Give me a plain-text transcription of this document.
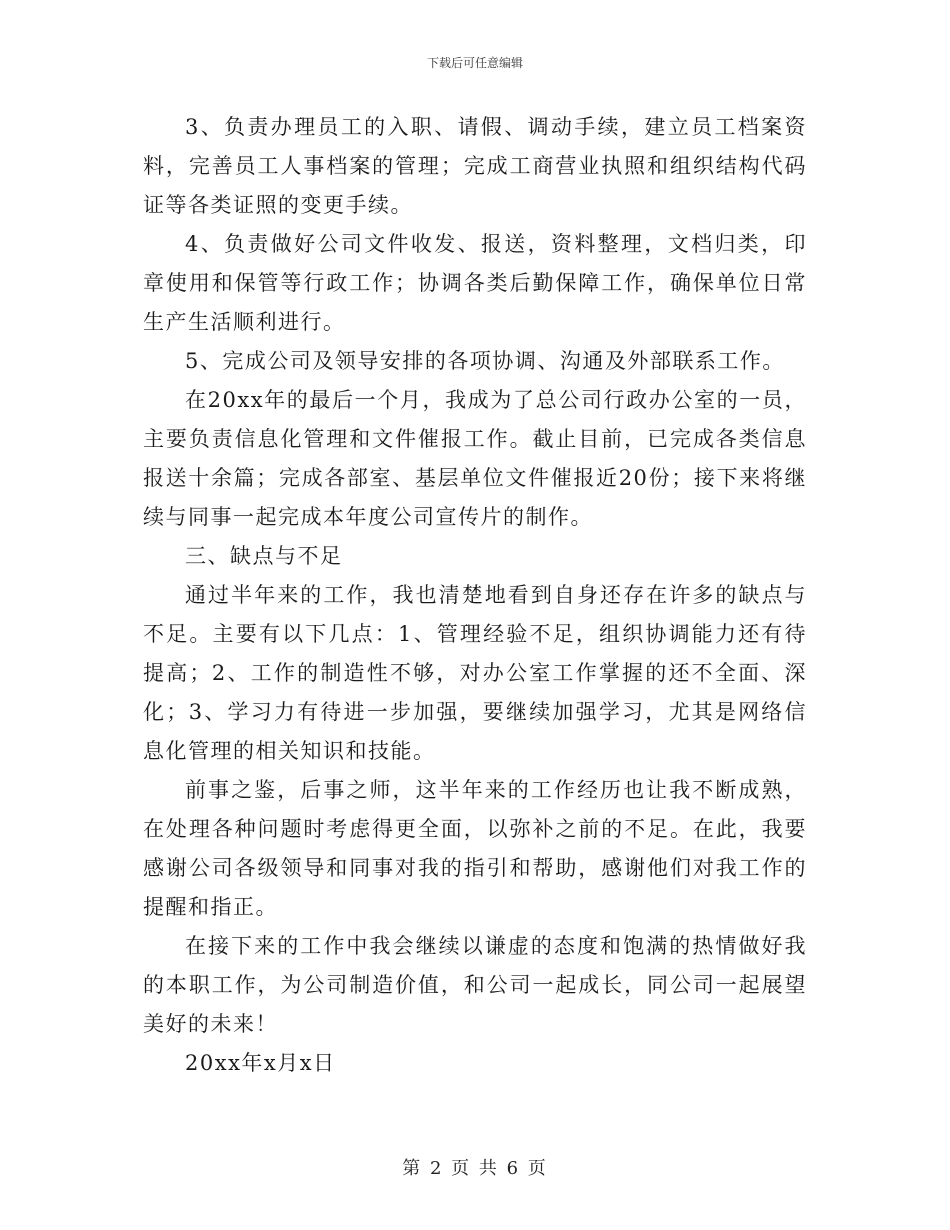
下载后可任意编辑

3、负责办理员工的入职、请假、调动手续，建立员工档案资料，完善员工人事档案的管理；完成工商营业执照和组织结构代码证等各类证照的变更手续。

4、负责做好公司文件收发、报送，资料整理，文档归类，印章使用和保管等行政工作；协调各类后勤保障工作，确保单位日常生产生活顺利进行。

5、完成公司及领导安排的各项协调、沟通及外部联系工作。

在20xx年的最后一个月，我成为了总公司行政办公室的一员，主要负责信息化管理和文件催报工作。截止目前，已完成各类信息报送十余篇；完成各部室、基层单位文件催报近20份；接下来将继续与同事一起完成本年度公司宣传片的制作。

三、缺点与不足

通过半年来的工作，我也清楚地看到自身还存在许多的缺点与不足。主要有以下几点：1、管理经验不足，组织协调能力还有待提高；2、工作的制造性不够，对办公室工作掌握的还不全面、深化；3、学习力有待进一步加强，要继续加强学习，尤其是网络信息化管理的相关知识和技能。

前事之鉴，后事之师，这半年来的工作经历也让我不断成熟，在处理各种问题时考虑得更全面，以弥补之前的不足。在此，我要感谢公司各级领导和同事对我的指引和帮助，感谢他们对我工作的提醒和指正。

在接下来的工作中我会继续以谦虚的态度和饱满的热情做好我的本职工作，为公司制造价值，和公司一起成长，同公司一起展望美好的未来！

20xx年x月x日

第 2 页 共 6 页
